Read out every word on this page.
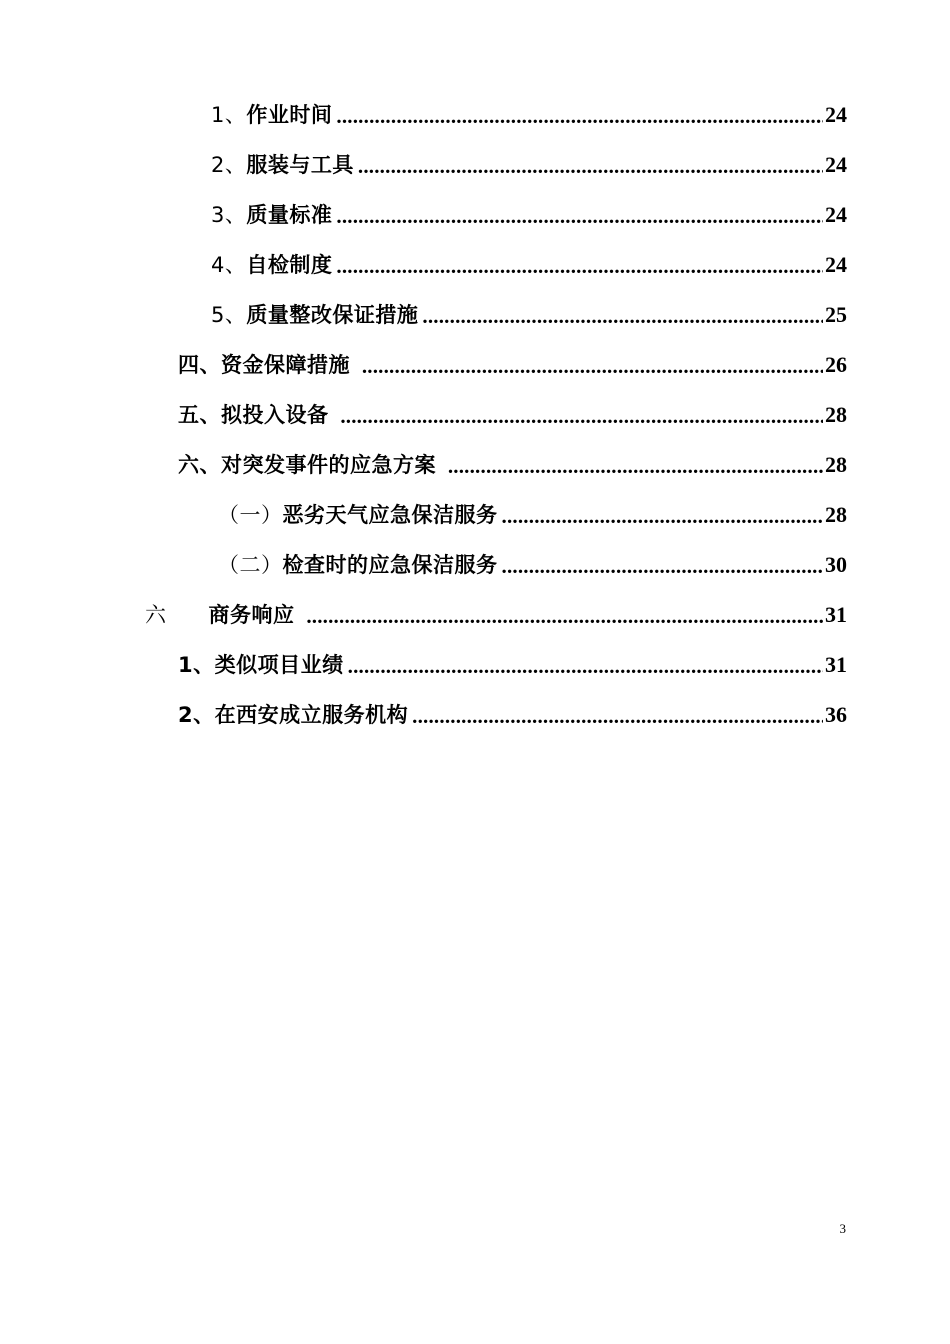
1、 作业时间 .....	24
2、 服装与工具 .....	24
3、 质量标准 .....	24
4、 自检制度 .....	24
5、 质量整改保证措施 .....	25
四、 资金保障措施 .....	26
五、 拟投入设备 .....	28
六、 对突发事件的应急方案 .....	28
（一） 恶劣天气应急保洁服务 .....	28
（二） 检查时的应急保洁服务 .....	30
六 商务响应 .....	31
1、 类似项目业绩 .....	31
2、 在西安成立服务机构 .....	36
3
